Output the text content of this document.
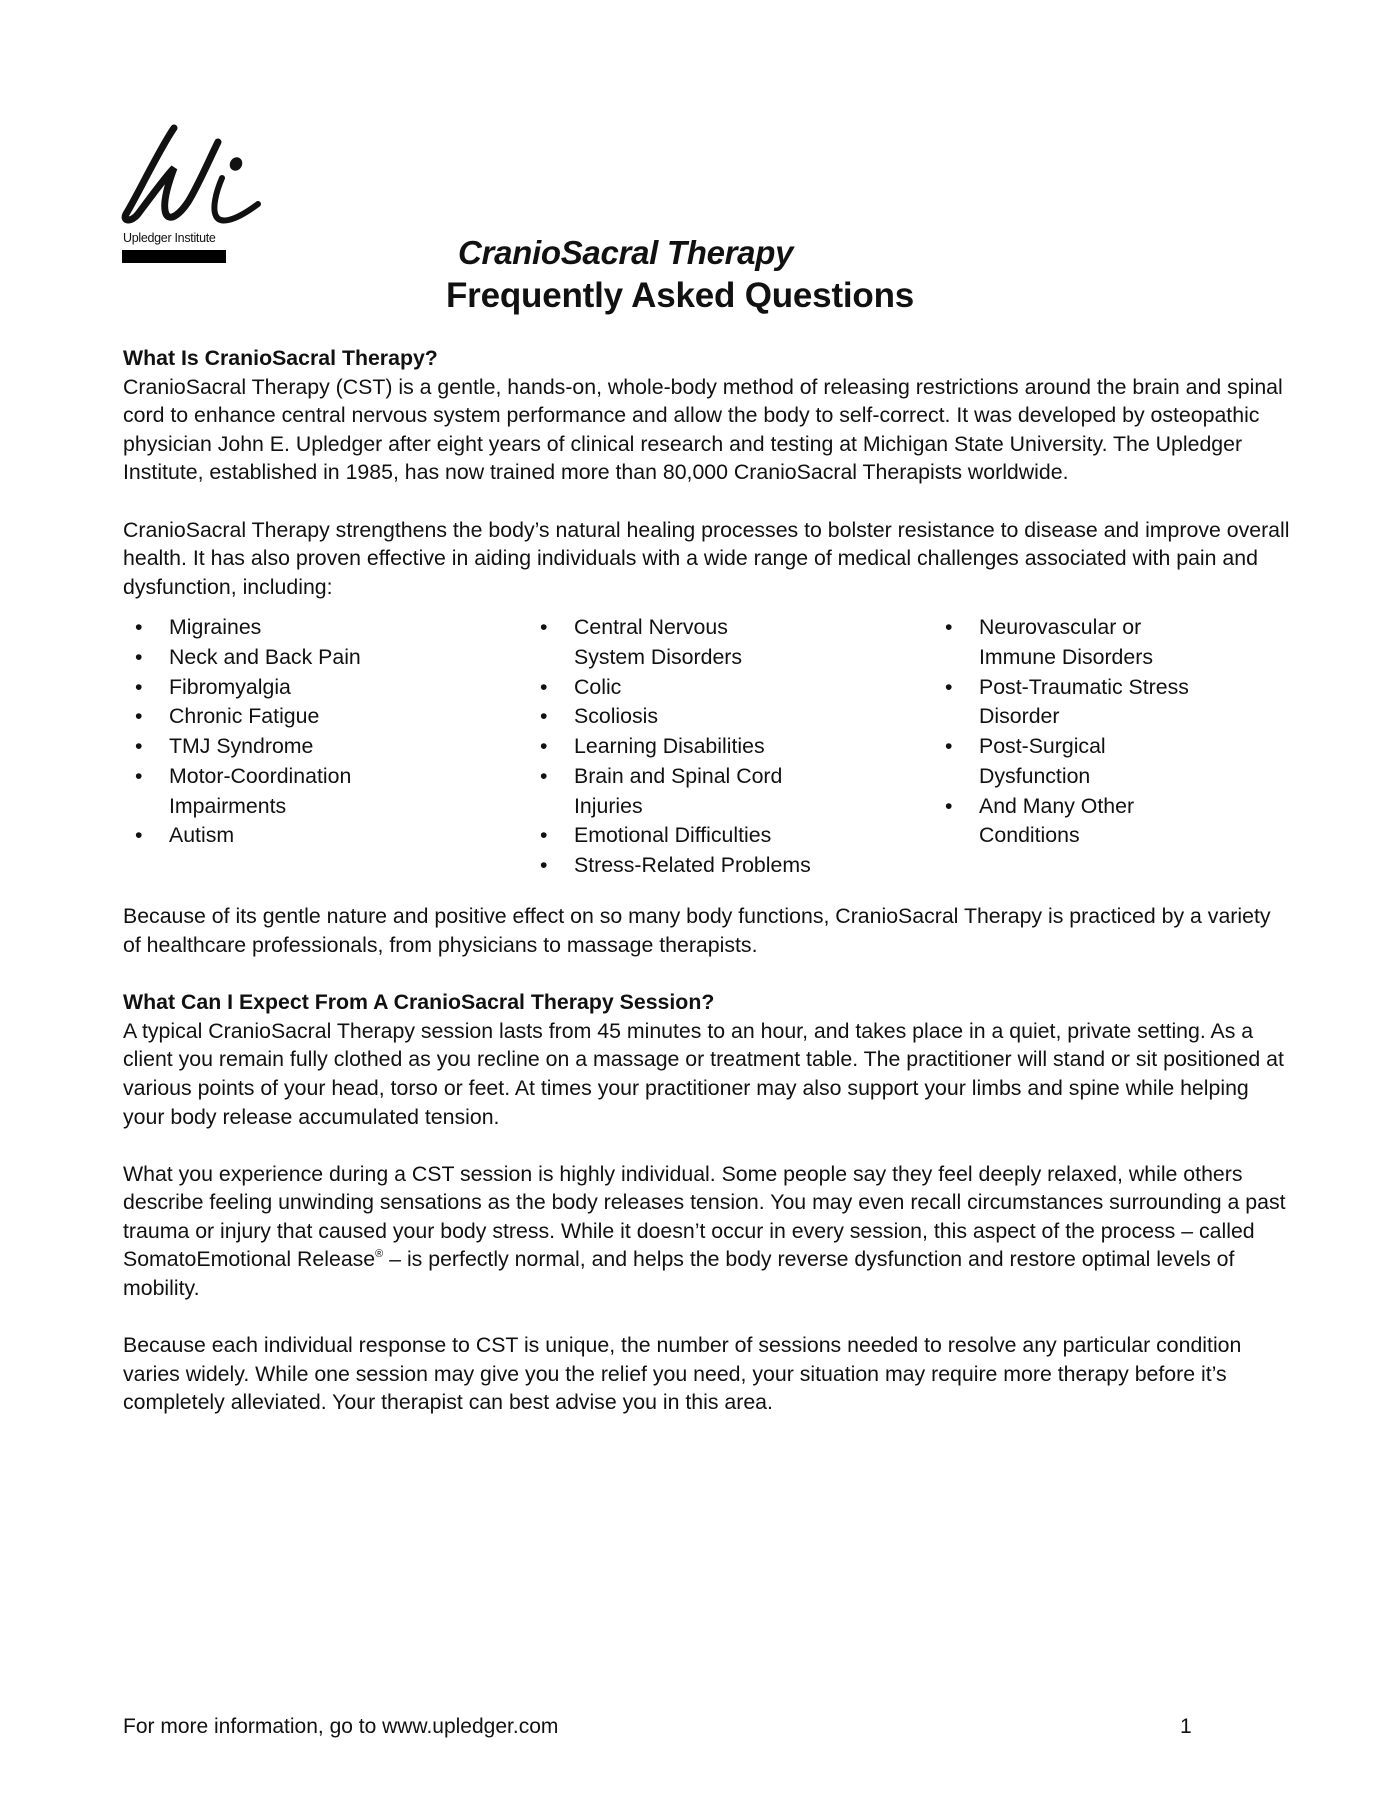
Upledger Institute	CranioSacral Therapy
Frequently Asked Questions

What Is CranioSacral Therapy?

CranioSacral Therapy (CST) is a gentle, hands-on, whole-body method of releasing restrictions around the brain and spinal cord to enhance central nervous system performance and allow the body to self-correct. It was developed by osteopathic physician John E. Upledger after eight years of clinical research and testing at Michigan State University. The Upledger Institute, established in 1985, has now trained more than 80,000 CranioSacral Therapists worldwide.

CranioSacral Therapy strengthens the body’s natural healing processes to bolster resistance to disease and improve overall health. It has also proven effective in aiding individuals with a wide range of medical challenges associated with pain and dysfunction, including:

• Migraines
• Neck and Back Pain
• Fibromyalgia
• Chronic Fatigue
• TMJ Syndrome
• Motor-Coordination Impairments
• Autism
• Central Nervous System Disorders
• Colic
• Scoliosis
• Learning Disabilities
• Brain and Spinal Cord Injuries
• Emotional Difficulties
• Stress-Related Problems
• Neurovascular or Immune Disorders
• Post-Traumatic Stress Disorder
• Post-Surgical Dysfunction
• And Many Other Conditions

Because of its gentle nature and positive effect on so many body functions, CranioSacral Therapy is practiced by a variety of healthcare professionals, from physicians to massage therapists.

What Can I Expect From A CranioSacral Therapy Session?

A typical CranioSacral Therapy session lasts from 45 minutes to an hour, and takes place in a quiet, private setting. As a client you remain fully clothed as you recline on a massage or treatment table. The practitioner will stand or sit positioned at various points of your head, torso or feet. At times your practitioner may also support your limbs and spine while helping your body release accumulated tension.

What you experience during a CST session is highly individual. Some people say they feel deeply relaxed, while others describe feeling unwinding sensations as the body releases tension. You may even recall circumstances surrounding a past trauma or injury that caused your body stress. While it doesn’t occur in every session, this aspect of the process – called SomatoEmotional Release® – is perfectly normal, and helps the body reverse dysfunction and restore optimal levels of mobility.

Because each individual response to CST is unique, the number of sessions needed to resolve any particular condition varies widely. While one session may give you the relief you need, your situation may require more therapy before it’s completely alleviated. Your therapist can best advise you in this area.

For more information, go to www.upledger.com	1
